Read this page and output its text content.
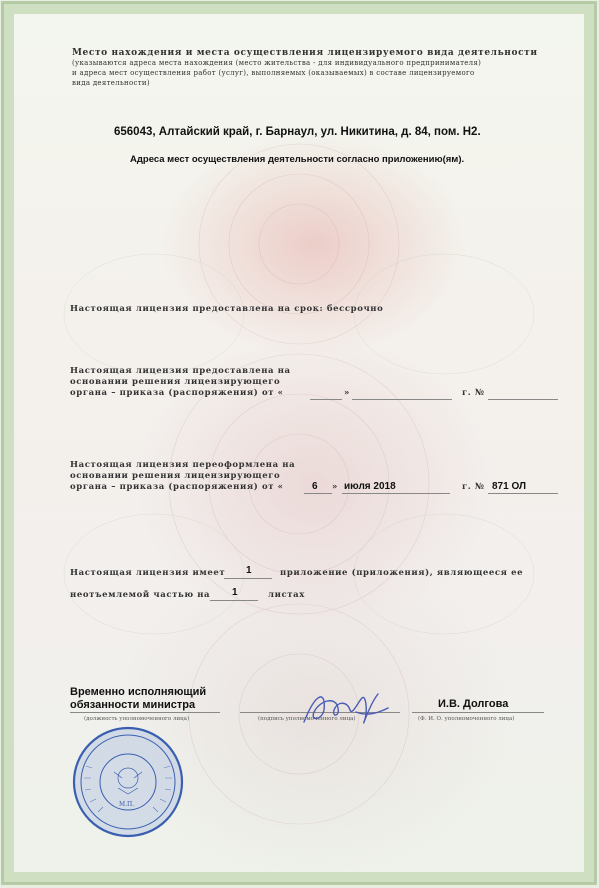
Место нахождения и места осуществления лицензируемого вида деятельности
(указываются адреса места нахождения (место жительства - для индивидуального предпринимателя)
и адреса мест осуществления работ (услуг), выполняемых (оказываемых) в составе лицензируемого
вида деятельности)
656043, Алтайский край, г. Барнаул, ул. Никитина, д. 84, пом. Н2.
Адреса мест осуществления деятельности согласно приложению(ям).
Настоящая лицензия предоставлена на срок: бессрочно
Настоящая лицензия предоставлена на
основании решения лицензирующего
органа – приказа (распоряжения) от «	»	г. №
Настоящая лицензия переоформлена на
основании решения лицензирующего
органа – приказа (распоряжения) от «	6 » июля 2018	г. № 871 ОЛ
Настоящая лицензия имеет 1	приложение (приложения), являющееся ее
неотъемлемой частью на 1	листах
Временно исполняющий
обязанности министра
(должность уполномоченного лица)	(подпись уполномоченного лица)
И.В. Долгова
(Ф. И. О. уполномоченного лица)
М.П.
